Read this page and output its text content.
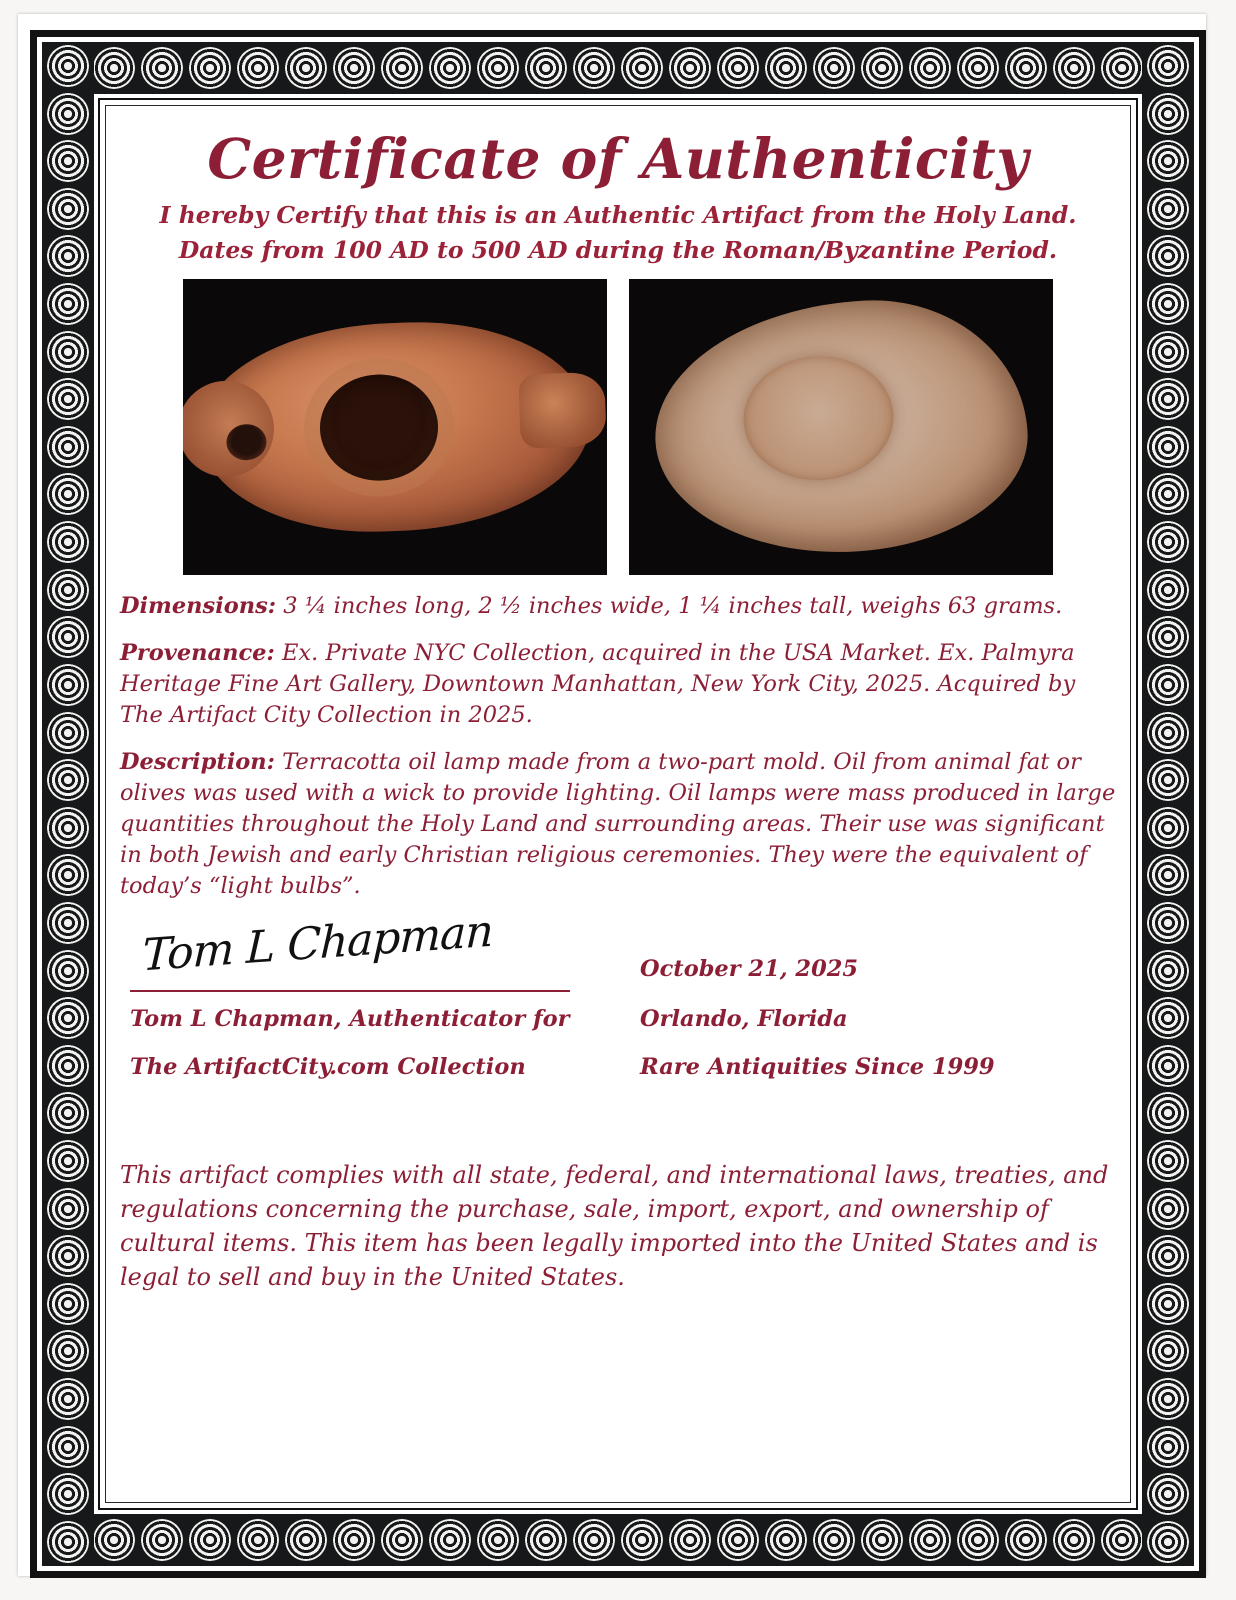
Certificate of Authenticity
I hereby Certify that this is an Authentic Artifact from the Holy Land.
Dates from 100 AD to 500 AD during the Roman/Byzantine Period.

Dimensions: 3 ¼ inches long, 2 ½ inches wide, 1 ¼ inches tall, weighs 63 grams.

Provenance: Ex. Private NYC Collection, acquired in the USA Market. Ex. Palmyra Heritage Fine Art Gallery, Downtown Manhattan, New York City, 2025. Acquired by The Artifact City Collection in 2025.

Description: Terracotta oil lamp made from a two-part mold. Oil from animal fat or olives was used with a wick to provide lighting. Oil lamps were mass produced in large quantities throughout the Holy Land and surrounding areas. Their use was significant in both Jewish and early Christian religious ceremonies. They were the equivalent of today’s “light bulbs”.

Tom L Chapman
Tom L Chapman, Authenticator for
The ArtifactCity.com Collection
October 21, 2025
Orlando, Florida
Rare Antiquities Since 1999
This artifact complies with all state, federal, and international laws, treaties, and regulations concerning the purchase, sale, import, export, and ownership of cultural items. This item has been legally imported into the United States and is legal to sell and buy in the United States.
